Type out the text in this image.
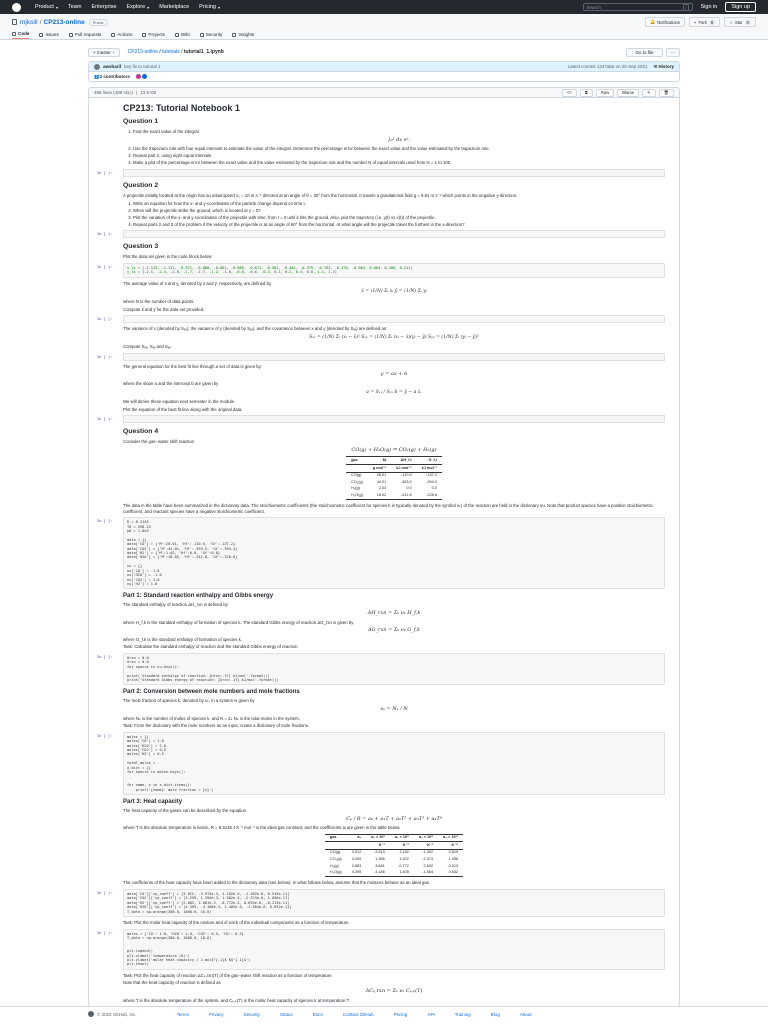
Product ▾ Team Enterprise Explore ▾ Marketplace Pricing ▾	Search	/	Sign in	Sign up
mjksill / CP213-online	Public	🔔 Notifications	⑂ Fork 0	☆ Star 0
Code	Issues	Pull requests	Actions	Projects	Wiki	Security	Insights
⑂ master ▾	CP213-online / tutorials / tutorial1_1.ipynb	Go to file	···
awsharif key fix to tutorial 1	Latest commit 1247ab6 on 20 Sep 2021 ⟲ History
👥 2 contributors
488 lines (488 sloc) | 13.5 KB	<>	⧉	Raw	Blame	✎	🗑
CP213: Tutorial Notebook 1
Question 1
1. Find the exact value of the integral
∫₀¹ dx eˣ.
2. Use the trapezium rule with four equal intervals to estimate the value of the integral. Determine the percentage error between the exact value and the value estimated by the trapezium rule.
3. Repeat part 2, using eight equal intervals.
4. Make a plot of the percentage error between the exact value and the value estimated by the trapezium rule and the number N of equal intervals used from N = 1 to 100.
In [ ]:
Question 2

A projectile initially located at the origin has an initial speed v₀ = 10 m s⁻¹ directed at an angle of θ = 30° from the horizontal. It travels a gravitational field g = 9.81 m s⁻² which points in the negative y-direction.

1. Write an equation for how the x- and y-coordinates of the particle change depend on time t.
2. When will the projectile strike the ground, which is located at y = 0?
3. Plot the variation of the x- and y-coordinates of the projectile with time, from t = 0 until it hits the ground. Also, plot the trajectory (i.e. y(t) vs x(t)) of the projectile.
4. Repeat parts 2 and 3 of the problem if the velocity of the projectile is at an angle of 60° from the horizontal. At what angle will the projectile travel the furthest in the x-direction?
In [ ]:
Question 3

Plot the data set given in the code block below:

In [ ]:	x_ls = [-1.123, -1.121, -0.971, -0.880, -0.861, -0.689, -0.671, -0.561, -0.481, -0.379, -0.192, -0.170, -0.083, 0.064, 0.166, 0.211]
y_ls = [-2.5, -2.4, -2.0, -1.7, -1.7, -1.2, -1.0, -0.8, -0.6, -0.3, 0.1, 0.2, 0.4, 0.8, 1.1, 1.2]

The average value of x and y, denoted by x̄ and ȳ, respectively, are defined by

x̄ = (1/N) Σᵢ xᵢ ȳ = (1/N) Σᵢ yᵢ

where N is the number of data points.

Compute x̄ and ȳ for the data set provided.

In [ ]:

The variance of x (denoted by Sₓₓ), the variance of y (denoted by Sᵧᵧ), and the covariance between x and y (denoted by Sₓᵧ) are defined as:

Sₓₓ = (1/N) Σᵢ (xᵢ − x̄)² Sₓᵧ = (1/N) Σᵢ (xᵢ − x̄)(yᵢ − ȳ) Sᵧᵧ = (1/N) Σᵢ (yᵢ − ȳ)²

Compute Sₓₓ, Sₓᵧ and Sᵧᵧ.

In [ ]:

The general equation for the best fit line through a set of data is given by:

y = ax + b

where the slope a and the intercept b are given by

a = Sₓᵧ / Sₓₓ b = ȳ − a x̄.

We will derive these equation next semester in the module.

Plot the equation of the best fit line along with the original data.

In [ ]:
Question 4

Consider the gas−water shift reaction

CO(g) + H₂O(g) ⇌ CO₂(g) + H₂(g)
gas	Mᵢ	ΔH_f,i	G_f,i
	g mol⁻¹	kJ mol⁻¹	kJ mol⁻¹
CO(g)	28.01	-110.5	-137.2
CO₂(g)	44.01	-393.5	-394.4
H₂(g)	2.02	0.0	0.0
H₂O(g)	18.02	-241.8	-228.6

The data in the table have been summarized in the dictionary data. The stoichiometric coefficients (the stoichiometric coefficient for species k is typically denoted by the symbol νₖ) of the reaction are held in the dictionary nu. Note that product species have a positive stoichiometric coefficient, and reactant species have a negative stoichiometric coefficient.

In [ ]:	R = 8.3145
T0 = 298.15
p0 = 1.0e5

data = {}
data['CO'] = {'M':28.01, 'Hf':-110.5, 'Gf':-137.2}
data['CO2'] = {'M':44.01, 'Hf':-393.5, 'Gf':-394.4}
data['H2'] = {'M':2.02, 'Hf':0.0, 'Gf':0.0}
data['H2O'] = {'M':18.02, 'Hf':-241.8, 'Gf':-228.6}

nu = {}
nu['CO'] = -1.0
nu['H2O'] = -1.0
nu['CO2'] = 1.0
nu['H2'] = 1.0
Part 1: Standard reaction enthalpy and Gibbs energy

The standard enthalpy of reaction ΔH_rxn is defined by

ΔH_rxn = Σₖ νₖ H_f,k

where H_f,k is the standard enthalpy of formation of species k. The standard Gibbs energy of reaction ΔG_rxn is given by

ΔG_rxn = Σₖ νₖ G_f,k

where G_f,k is the standard enthalpy of formation of species k.

Task: Calculate the standard enthalpy of reaction and the standard Gibbs energy of reaction.

In [ ]:	Hrxn = 0.0
Grxn = 0.0
for specie in nu.keys():

print('Standard enthalpy of reaction: {Hrxn:.1f} kJ/mol'.format())
print('Standard Gibbs energy of reaction: {Grxn:.1f} kJ/mol'.format())
Part 2: Conversion between mole numbers and mole fractions

The mole fraction of species k, denoted by xₖ, in a system is given by

xₖ = Nₖ / N

where Nₖ is the number of moles of species k, and N = Σₖ Nₖ is the total moles in the system.

Task: From the dictionary with the mole numbers as an input, create a dictionary of mole fractions.

In [ ]:	moles = {}
moles['CO'] = 1.0
moles['H2O'] = 2.0
moles['CO2'] = 0.5
moles['H2'] = 0.5

total_moles =
x_dict = {}
for specie in moles.keys():

for name, x in x_dict.items():
print('{name}: mole fraction = {x}')
Part 3: Heat capacity

The heat capacity of the gases can be described by the equation

Cₚ / R = a₀ + a₁T + a₂T² + a₃T³ + a₄T⁴

where T is the absolute temperature in kelvin, R = 8.3145 J K⁻¹ mol⁻¹ is the ideal gas constant, and the coefficients aᵢ are given in the table below.

gas	a₀	a₁ × 10³	a₂ × 10⁵	a₃ × 10⁸	a₄ × 10¹¹
		K⁻¹	K⁻²	K⁻³	K⁻⁴
CO(g)	3.912	-3.913	1.182	-1.302	0.515
CO₂(g)	3.259	1.356	1.502	-2.374	1.056
H₂(g)	2.883	3.681	-0.772	0.692	-0.213
H₂O(g)	4.395	-4.186	1.405	-1.564	0.632

The coefficients of the heat capacity have been added to the dictionary data (see below). In what follows below, assume that the mixtures behave as an ideal gas.

In [ ]:	data['CO']['cp_coeff'] = [3.912, -3.913e-3, 1.182e-5, -1.302e-8, 0.515e-11]
data['CO2']['cp_coeff'] = [3.259, 1.356e-3, 1.502e-5, -2.374e-8, 1.056e-11]
data['H2']['cp_coeff'] = [2.883, 3.681e-3, -0.772e-5, 0.692e-8, -0.213e-11]
data['H2O']['cp_coeff'] = [4.395, -4.186e-3, 1.405e-5, -1.564e-8, 0.632e-11]
T_data = np.arange(300.0, 1000.0, 10.0)

Task: Plot the molar heat capacity of the mixture and of each of the individual components as a function of temperature.

In [ ]:	moles = {'CO': 1.0, 'H2O': 2.0, 'CO2': 0.5, 'H2': 0.5}
T_data = np.arange(300.0, 1000.0, 10.0)

plt.legend()
plt.xlabel('temperature (K)')
plt.ylabel('molar heat capacity / J mol$^{-1}$ K$^{-1}$')
plt.show()

Task: Plot the heat capacity of reaction ΔCₚ,rxn(T) of the gas−water shift reaction as a function of temperature.

Note that the heat capacity of reaction is defined as

ΔCₚ,rxn = Σₖ νₖ Cₚ,ₖ(T)

where T is the absolute temperature of the system, and Cₚ,ₖ(T) is the molar heat capacity of species k at temperature T.

© 2022 GitHub, Inc.	Terms	Privacy	Security	Status	Docs	Contact GitHub	Pricing	API	Training	Blog	About
